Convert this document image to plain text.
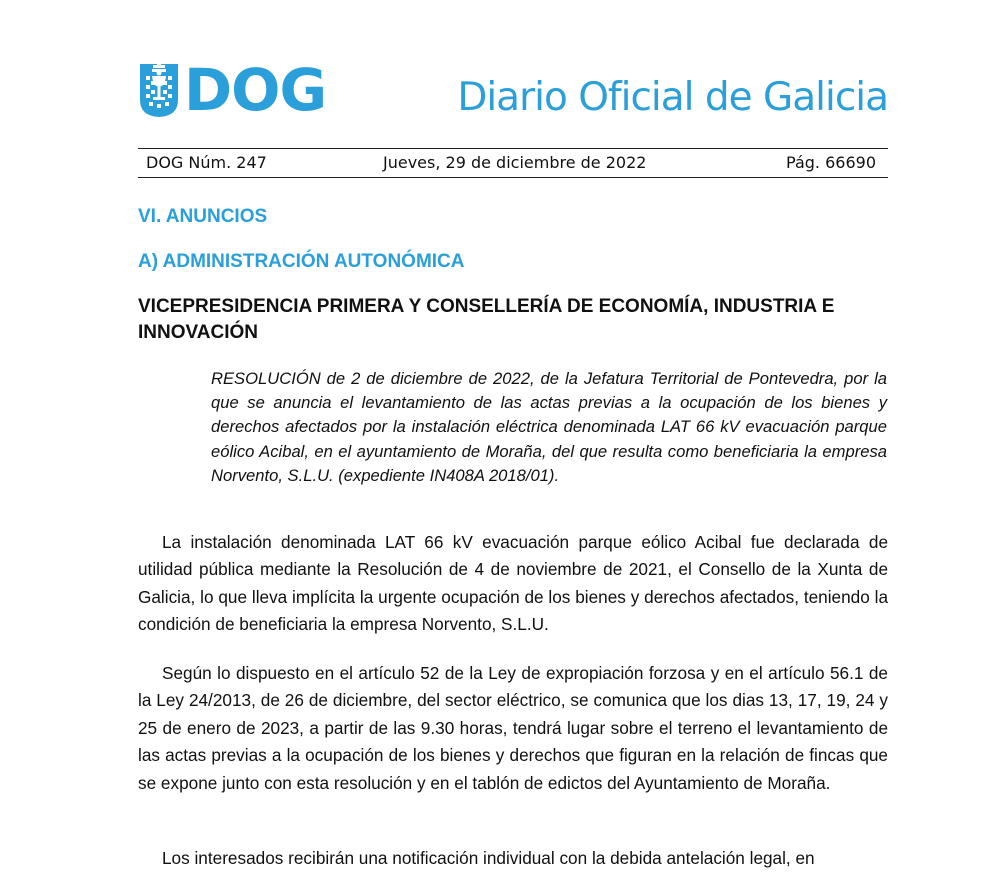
DOG	Diario Oficial de Galicia
DOG Núm. 247	Jueves, 29 de diciembre de 2022	Pág. 66690
VI. ANUNCIOS
A) ADMINISTRACIÓN AUTONÓMICA
VICEPRESIDENCIA PRIMERA Y CONSELLERÍA DE ECONOMÍA, INDUSTRIA E INNOVACIÓN
RESOLUCIÓN de 2 de diciembre de 2022, de la Jefatura Territorial de Pontevedra, por la que se anuncia el levantamiento de las actas previas a la ocupación de los bienes y derechos afectados por la instalación eléctrica denominada LAT 66 kV evacuación parque eólico Acibal, en el ayuntamiento de Moraña, del que resulta como beneficiaria la empresa Norvento, S.L.U. (expediente IN408A 2018/01).
La instalación denominada LAT 66 kV evacuación parque eólico Acibal fue declarada de utilidad pública mediante la Resolución de 4 de noviembre de 2021, el Consello de la Xunta de Galicia, lo que lleva implícita la urgente ocupación de los bienes y derechos afectados, teniendo la condición de beneficiaria la empresa Norvento, S.L.U.
Según lo dispuesto en el artículo 52 de la Ley de expropiación forzosa y en el artículo 56.1 de la Ley 24/2013, de 26 de diciembre, del sector eléctrico, se comunica que los dias 13, 17, 19, 24 y 25 de enero de 2023, a partir de las 9.30 horas, tendrá lugar sobre el terreno el levantamiento de las actas previas a la ocupación de los bienes y derechos que figuran en la relación de fincas que se expone junto con esta resolución y en el tablón de edictos del Ayuntamiento de Moraña.
Los interesados recibirán una notificación individual con la debida antelación legal, en
